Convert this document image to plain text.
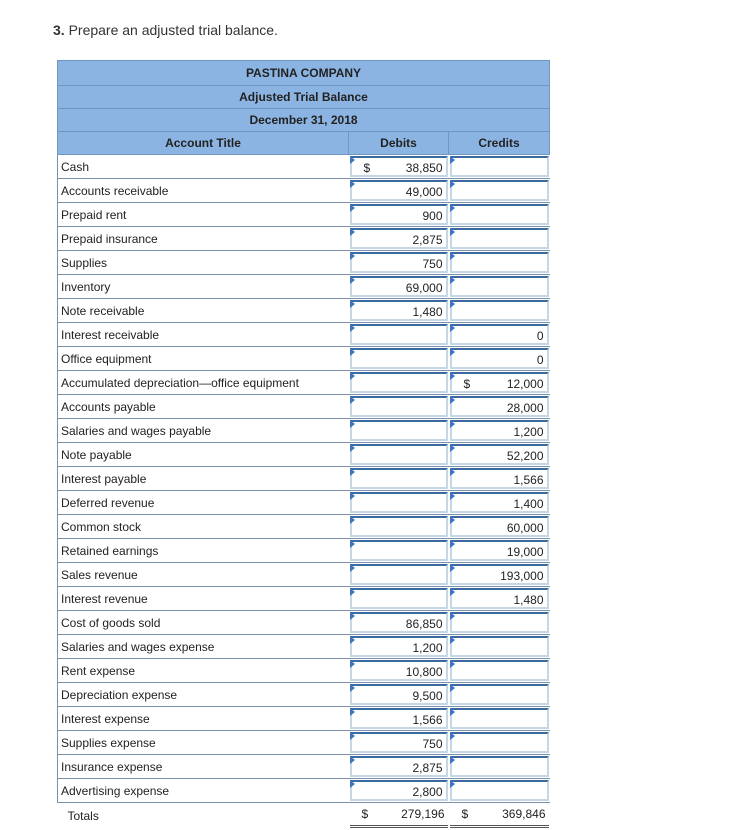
3. Prepare an adjusted trial balance.
PASTINA COMPANY		
Adjusted Trial Balance		
December 31, 2018		
Account Title	Debits	Credits
Cash	$ 38,850	

Accounts receivable	49,000	

Prepaid rent	900	

Prepaid insurance	2,875	

Supplies	750	

Inventory	69,000	

Note receivable	1,480	

Interest receivable		0

Office equipment		0

Accumulated depreciation—office equipment		$ 12,000

Accounts payable		28,000

Salaries and wages payable		1,200

Note payable		52,200

Interest payable		1,566

Deferred revenue		1,400

Common stock		60,000

Retained earnings		19,000

Sales revenue		193,000

Interest revenue		1,480

Cost of goods sold	86,850	

Salaries and wages expense	1,200	

Rent expense	10,800	

Depreciation expense	9,500	

Interest expense	1,566	

Supplies expense	750	

Insurance expense	2,875	

Advertising expense	2,800	

Totals	$ 279,196	$ 369,846
